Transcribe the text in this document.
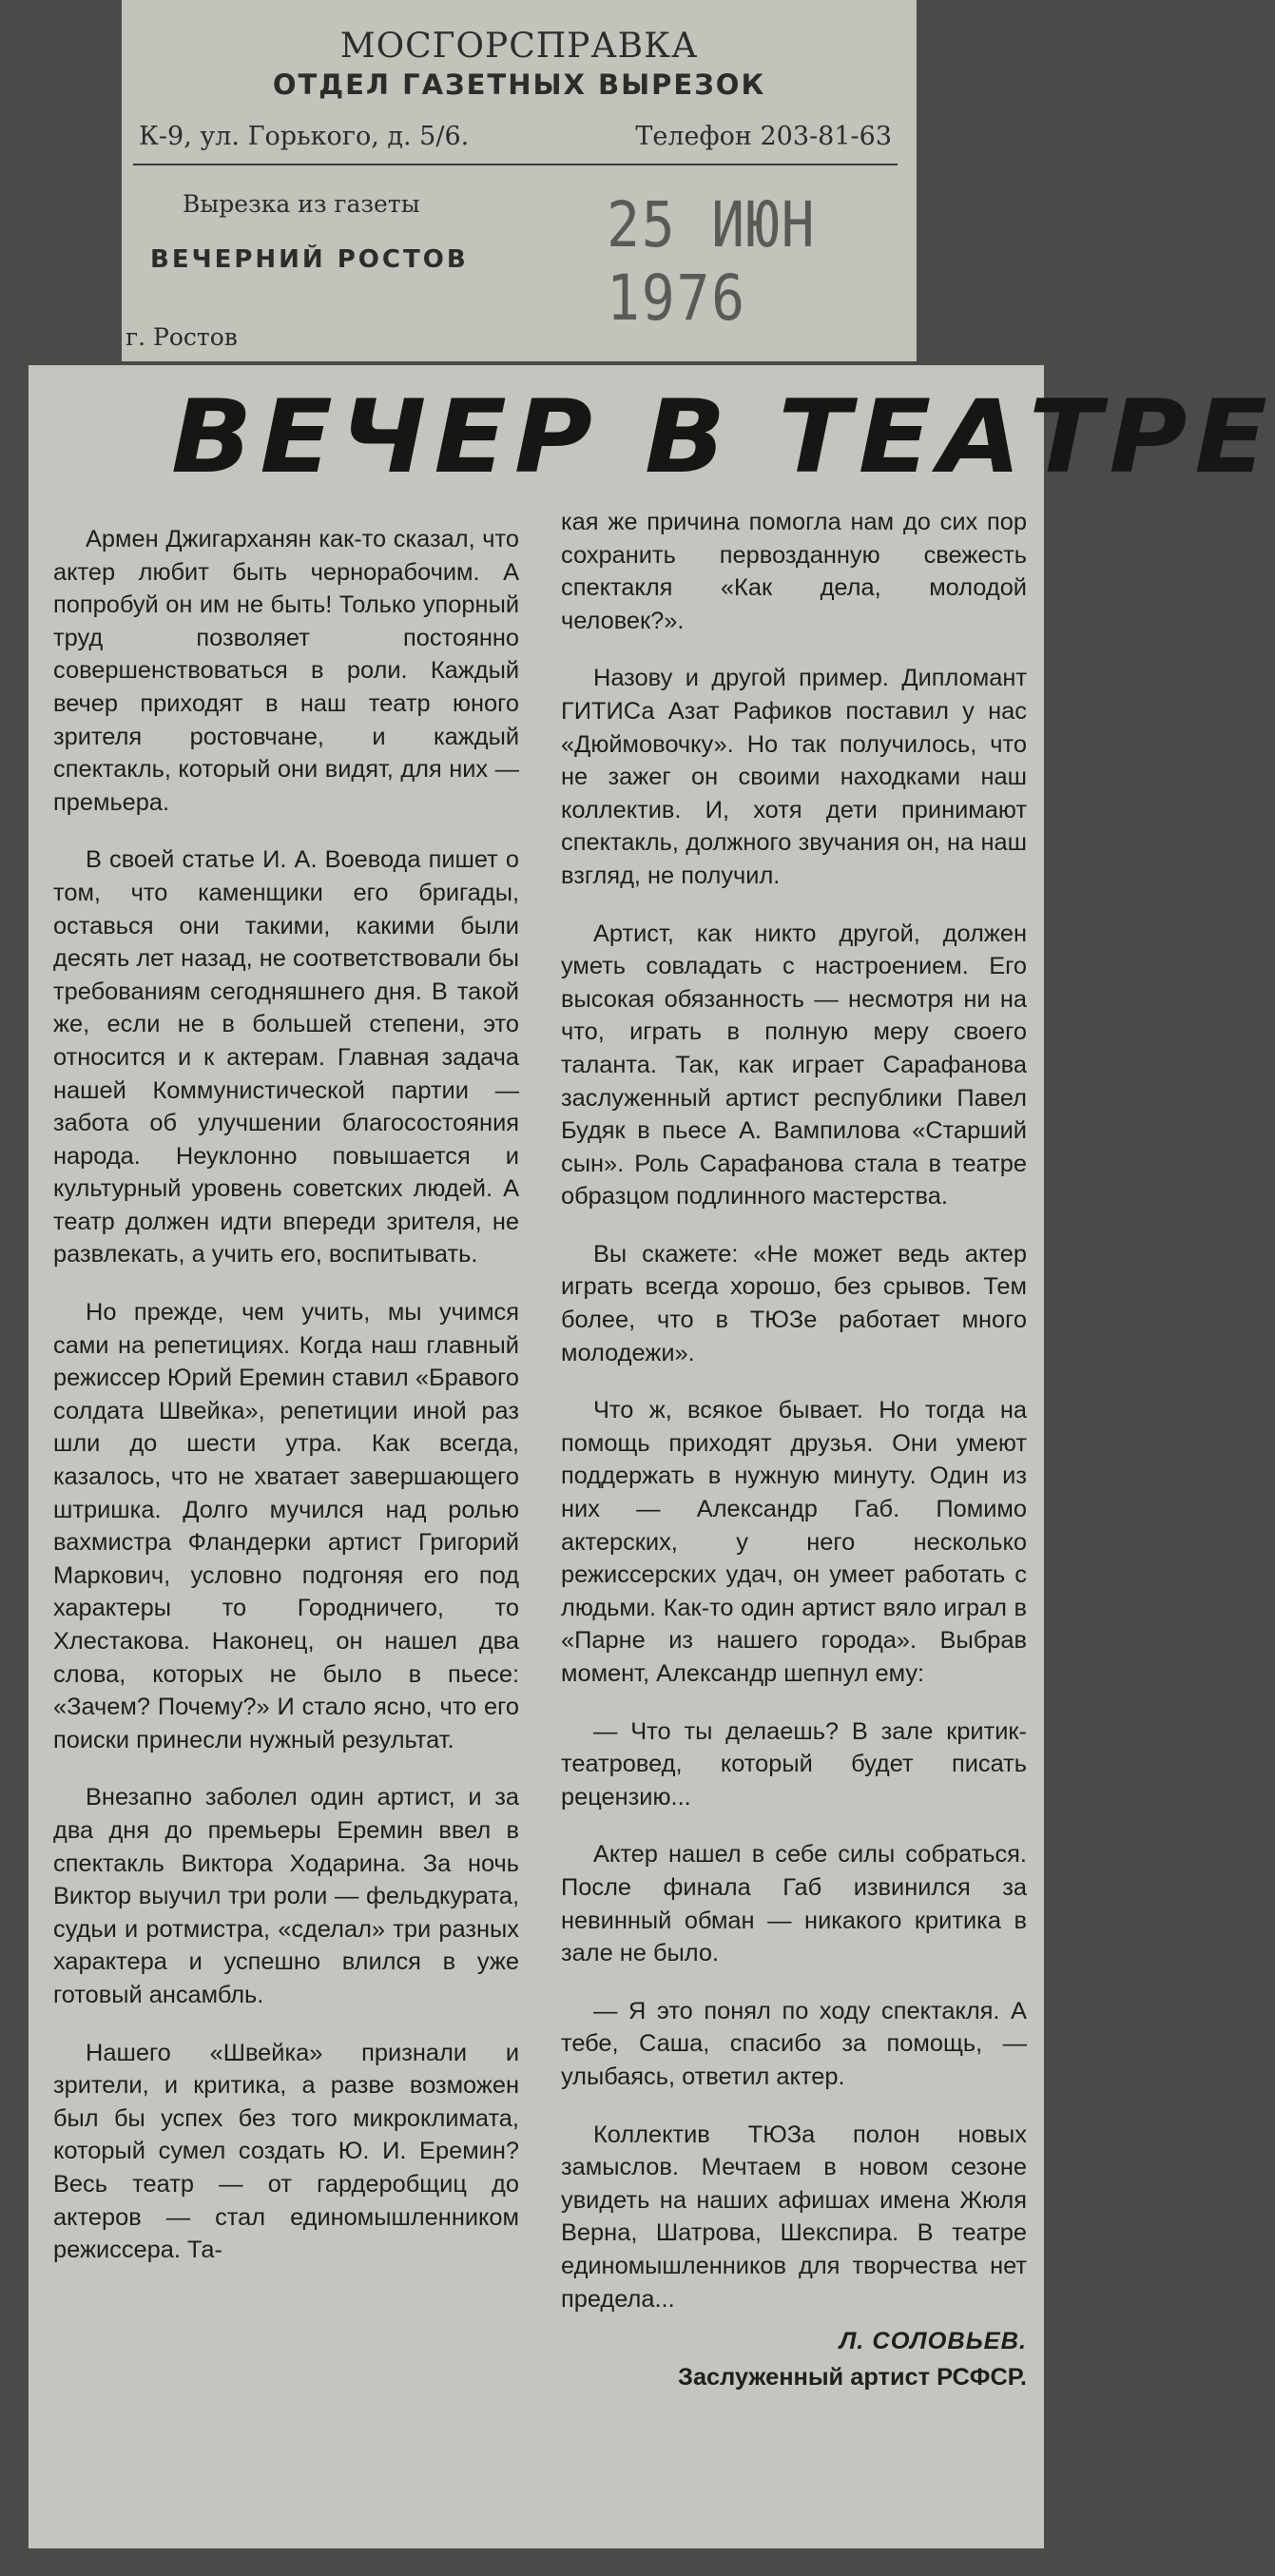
МОСГОРСПРАВКА
ОТДЕЛ ГАЗЕТНЫХ ВЫРЕЗОК
К-9, ул. Горького, д. 5/6.	Телефон 203-81-63
Вырезка из газеты
ВЕЧЕРНИЙ РОСТОВ 25 ИЮН 1976
г. Ростов
ВЕЧЕР В ТЕАТРЕ

Армен Джигарханян как-то сказал, что актер любит быть чернорабочим. А попробуй он им не быть! Только упорный труд позволяет постоянно совершенствоваться в роли. Каждый вечер приходят в наш театр юного зрителя ростовчане, и каждый спектакль, который они видят, для них — премьера.

В своей статье И. А. Воевода пишет о том, что каменщики его бригады, оставься они такими, какими были десять лет назад, не соответствовали бы требованиям сегодняшнего дня. В такой же, если не в большей степени, это относится и к актерам. Главная задача нашей Коммунистической партии — забота об улучшении благосостояния народа. Неуклонно повышается и культурный уровень советских людей. А театр должен идти впереди зрителя, не развлекать, а учить его, воспитывать.

Но прежде, чем учить, мы учимся сами на репетициях. Когда наш главный режиссер Юрий Еремин ставил «Бравого солдата Швейка», репетиции иной раз шли до шести утра. Как всегда, казалось, что не хватает завершающего штришка. Долго мучился над ролью вахмистра Фландерки артист Григорий Маркович, условно подгоняя его под характеры то Городничего, то Хлестакова. Наконец, он нашел два слова, которых не было в пьесе: «Зачем? Почему?» И стало ясно, что его поиски принесли нужный результат.

Внезапно заболел один артист, и за два дня до премьеры Еремин ввел в спектакль Виктора Ходарина. За ночь Виктор выучил три роли — фельдкурата, судьи и ротмистра, «сделал» три разных характера и успешно влился в уже готовый ансамбль.

Нашего «Швейка» признали и зрители, и критика, а разве возможен был бы успех без того микроклимата, который сумел создать Ю. И. Еремин? Весь театр — от гардеробщиц до актеров — стал единомышленником режиссера. Та-

кая же причина помогла нам до сих пор сохранить первозданную свежесть спектакля «Как дела, молодой человек?».

Назову и другой пример. Дипломант ГИТИСа Азат Рафиков поставил у нас «Дюймовочку». Но так получилось, что не зажег он своими находками наш коллектив. И, хотя дети принимают спектакль, должного звучания он, на наш взгляд, не получил.

Артист, как никто другой, должен уметь совладать с настроением. Его высокая обязанность — несмотря ни на что, играть в полную меру своего таланта. Так, как играет Сарафанова заслуженный артист республики Павел Будяк в пьесе А. Вампилова «Старший сын». Роль Сарафанова стала в театре образцом подлинного мастерства.

Вы скажете: «Не может ведь актер играть всегда хорошо, без срывов. Тем более, что в ТЮЗе работает много молодежи».

Что ж, всякое бывает. Но тогда на помощь приходят друзья. Они умеют поддержать в нужную минуту. Один из них — Александр Габ. Помимо актерских, у него несколько режиссерских удач, он умеет работать с людьми. Как-то один артист вяло играл в «Парне из нашего города». Выбрав момент, Александр шепнул ему:

— Что ты делаешь? В зале критик-театровед, который будет писать рецензию...

Актер нашел в себе силы собраться. После финала Габ извинился за невинный обман — никакого критика в зале не было.

— Я это понял по ходу спектакля. А тебе, Саша, спасибо за помощь, — улыбаясь, ответил актер.

Коллектив ТЮЗа полон новых замыслов. Мечтаем в новом сезоне увидеть на наших афишах имена Жюля Верна, Шатрова, Шекспира. В театре единомышленников для творчества нет предела...

Л. СОЛОВЬЕВ.
Заслуженный артист РСФСР.
